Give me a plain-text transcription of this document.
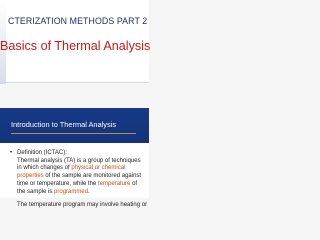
CTERIZATION METHODS PART 2
Basics of Thermal Analysis
Introduction to Thermal Analysis
• Definition (ICTAC):
Thermal analysis (TA) is a group of techniques in which changes of physical or chemical properties of the sample are monitored against time or temperature, while the temperature of the sample is programmed.
The temperature program may involve heating or
